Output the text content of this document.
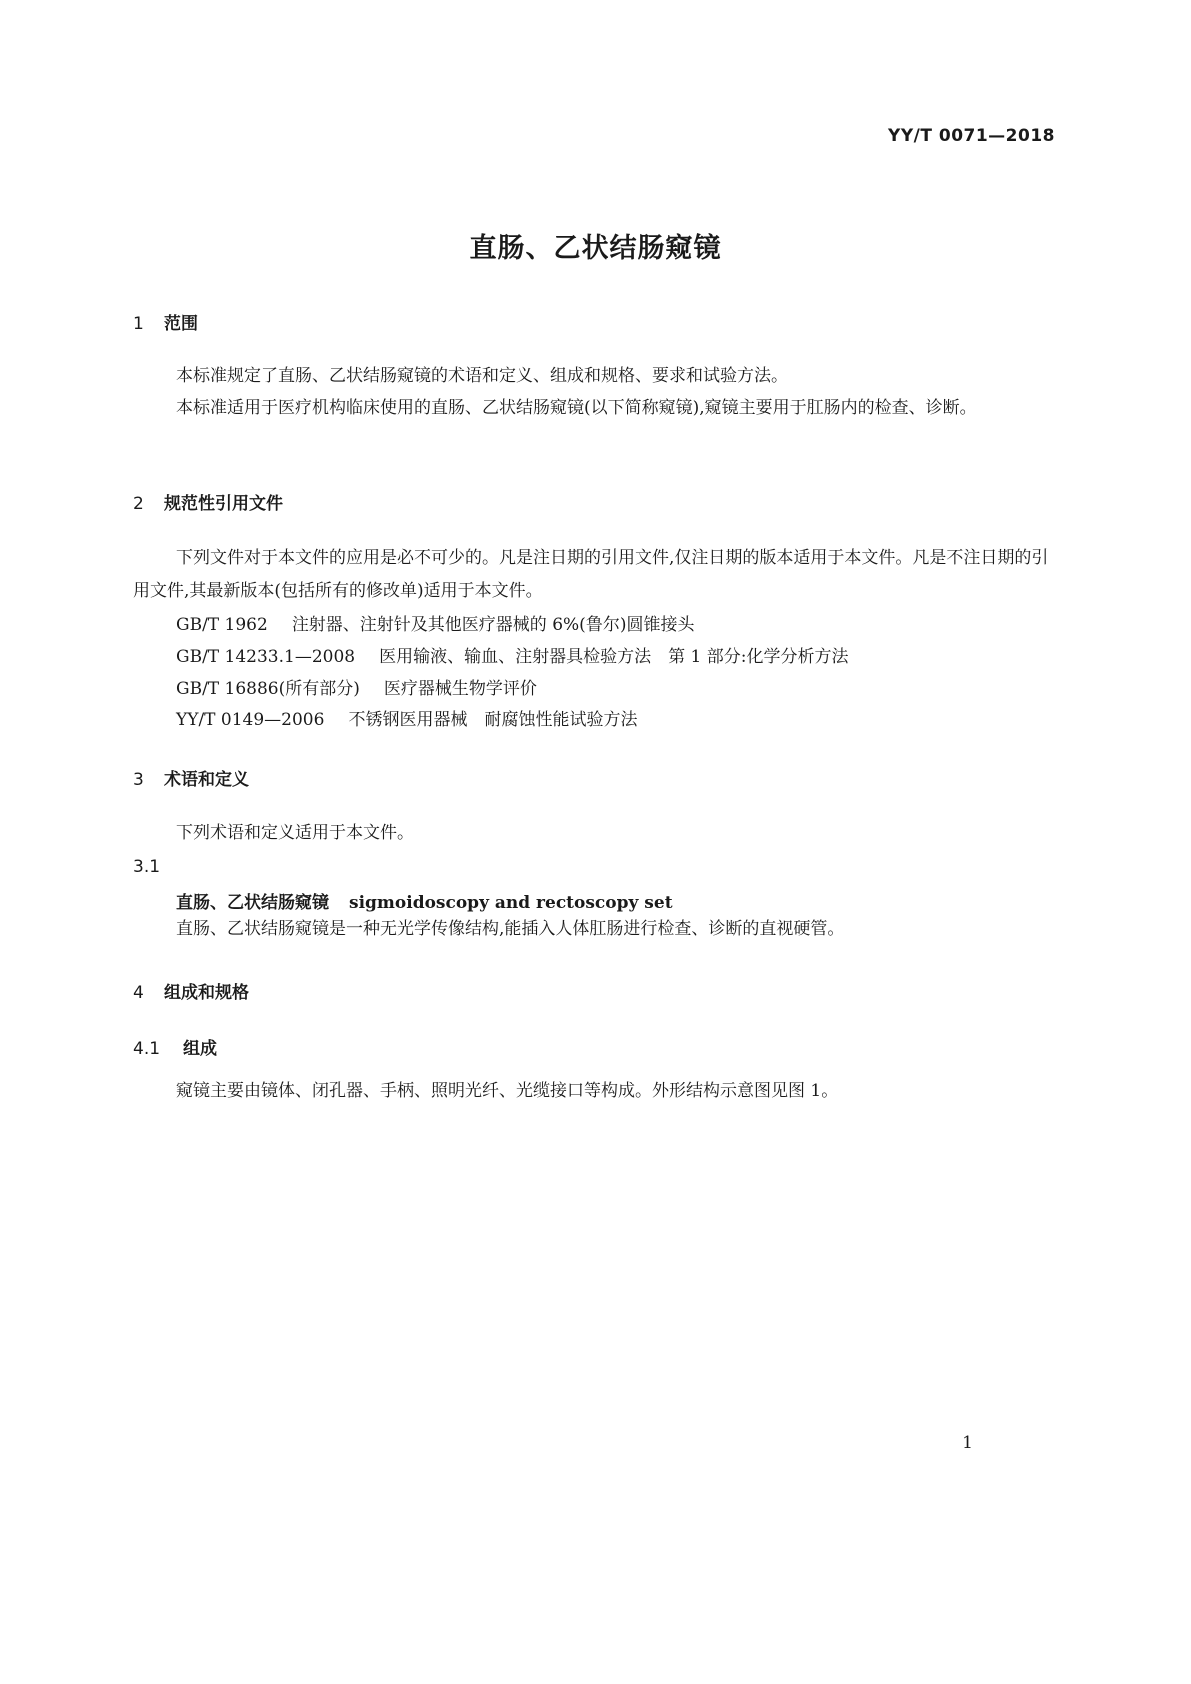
YY/T 0071—2018
直肠、乙状结肠窥镜
1 范围
本标准规定了直肠、乙状结肠窥镜的术语和定义、组成和规格、要求和试验方法。
本标准适用于医疗机构临床使用的直肠、乙状结肠窥镜(以下简称窥镜),窥镜主要用于肛肠内的检查、诊断。
2 规范性引用文件
下列文件对于本文件的应用是必不可少的。凡是注日期的引用文件,仅注日期的版本适用于本文件。凡是不注日期的引用文件,其最新版本(包括所有的修改单)适用于本文件。
GB/T 1962 注射器、注射针及其他医疗器械的 6%(鲁尔)圆锥接头
GB/T 14233.1—2008 医用输液、输血、注射器具检验方法　第 1 部分:化学分析方法
GB/T 16886(所有部分) 医疗器械生物学评价
YY/T 0149—2006 不锈钢医用器械　耐腐蚀性能试验方法
3 术语和定义
下列术语和定义适用于本文件。
3.1
直肠、乙状结肠窥镜 sigmoidoscopy and rectoscopy set
直肠、乙状结肠窥镜是一种无光学传像结构,能插入人体肛肠进行检查、诊断的直视硬管。
4 组成和规格
4.1 组成
窥镜主要由镜体、闭孔器、手柄、照明光纤、光缆接口等构成。外形结构示意图见图 1。
1
